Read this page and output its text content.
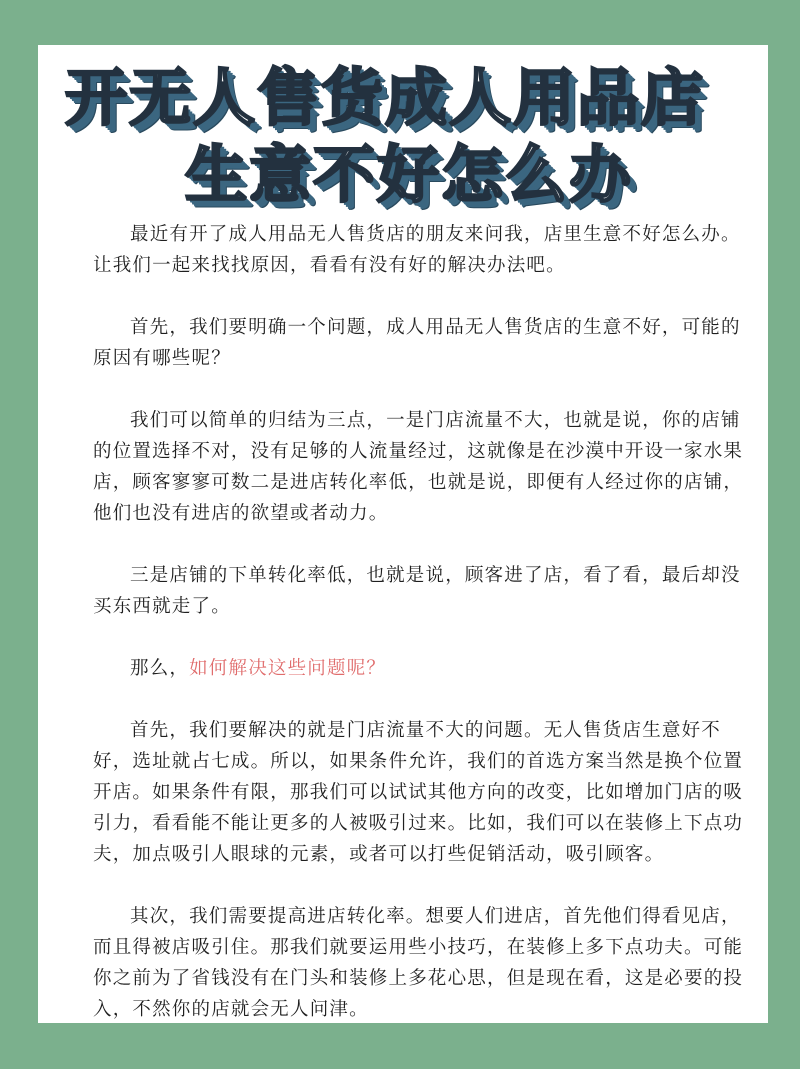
开无人售货成人用品店
生意不好怎么办

最近有开了成人用品无人售货店的朋友来问我，店里生意不好怎么办。让我们一起来找找原因，看看有没有好的解决办法吧。

首先，我们要明确一个问题，成人用品无人售货店的生意不好，可能的原因有哪些呢？

我们可以简单的归结为三点，一是门店流量不大，也就是说，你的店铺的位置选择不对，没有足够的人流量经过，这就像是在沙漠中开设一家水果店，顾客寥寥可数二是进店转化率低，也就是说，即便有人经过你的店铺，他们也没有进店的欲望或者动力。

三是店铺的下单转化率低，也就是说，顾客进了店，看了看，最后却没买东西就走了。

那么，如何解决这些问题呢？

首先，我们要解决的就是门店流量不大的问题。无人售货店生意好不好，选址就占七成。所以，如果条件允许，我们的首选方案当然是换个位置开店。如果条件有限，那我们可以试试其他方向的改变，比如增加门店的吸引力，看看能不能让更多的人被吸引过来。比如，我们可以在装修上下点功夫，加点吸引人眼球的元素，或者可以打些促销活动，吸引顾客。

其次，我们需要提高进店转化率。想要人们进店，首先他们得看见店，而且得被店吸引住。那我们就要运用些小技巧，在装修上多下点功夫。可能你之前为了省钱没有在门头和装修上多花心思，但是现在看，这是必要的投入，不然你的店就会无人问津。
